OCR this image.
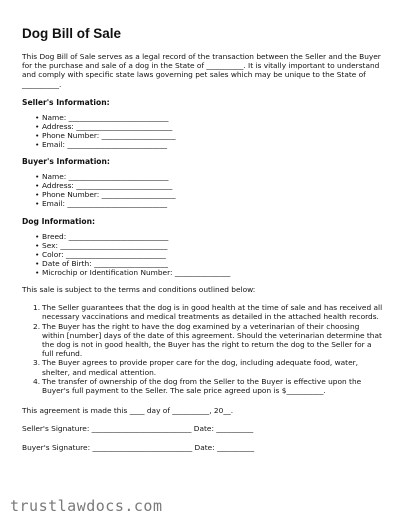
Dog Bill of Sale

This Dog Bill of Sale serves as a legal record of the transaction between the Seller and the Buyer for the purchase and sale of a dog in the State of __________. It is vitally important to understand and comply with specific state laws governing pet sales which may be unique to the State of __________.

Seller's Information:
• Name: ___________________________
• Address: __________________________
• Phone Number: ____________________
• Email: ___________________________
Buyer's Information:
• Name: ___________________________
• Address: __________________________
• Phone Number: ____________________
• Email: ___________________________
Dog Information:
• Breed: ___________________________
• Sex: _____________________________
• Color: ___________________________
• Date of Birth: ____________________
• Microchip or Identification Number: _______________

This sale is subject to the terms and conditions outlined below:

1. The Seller guarantees that the dog is in good health at the time of sale and has received all necessary vaccinations and medical treatments as detailed in the attached health records.
2. The Buyer has the right to have the dog examined by a veterinarian of their choosing within [number] days of the date of this agreement. Should the veterinarian determine that the dog is not in good health, the Buyer has the right to return the dog to the Seller for a full refund.
3. The Buyer agrees to provide proper care for the dog, including adequate food, water, shelter, and medical attention.
4. The transfer of ownership of the dog from the Seller to the Buyer is effective upon the Buyer's full payment to the Seller. The sale price agreed upon is $__________.

This agreement is made this ____ day of __________, 20__.

Seller's Signature: ___________________________ Date: __________

Buyer's Signature: ___________________________ Date: __________

trustlawdocs.com
